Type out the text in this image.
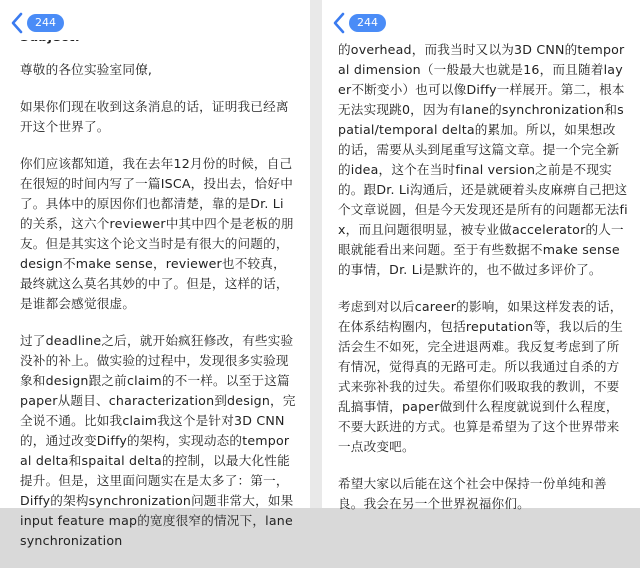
244

尊敬的各位实验室同僚,

如果你们现在收到这条消息的话，证明我已经离开这个世界了。

你们应该都知道，我在去年12月份的时候，自己在很短的时间内写了一篇ISCA，投出去，恰好中了。具体中的原因你们也都清楚，靠的是Dr. Li的关系，这六个reviewer中其中四个是老板的朋友。但是其实这个论文当时是有很大的问题的，design不make sense，reviewer也不较真，最终就这么莫名其妙的中了。但是，这样的话，是谁都会感觉很虚。

过了deadline之后，就开始疯狂修改，有些实验没补的补上。做实验的过程中，发现很多实验现象和design跟之前claim的不一样。以至于这篇paper从题目、characterization到design，完全说不通。比如我claim我这个是针对3D CNN的，通过改变Diffy的架构，实现动态的temporal delta和spaital delta的控制，以最大化性能提升。但是，这里面问题实在是太多了：第一，Diffy的架构synchronization问题非常大，如果input feature map的宽度很窄的情况下，lane synchronization

244

的overhead，而我当时又以为3D CNN的temporal dimension（一般最大也就是16，而且随着layer不断变小）也可以像Diffy一样展开。第二，根本无法实现跳0，因为有lane的synchronization和spatial/temporal delta的累加。所以，如果想改的话，需要从头到尾重写这篇文章。提一个完全新的idea，这个在当时final version之前是不现实的。跟Dr. Li沟通后，还是就硬着头皮麻痹自己把这个文章说圆，但是今天发现还是所有的问题都无法fix，而且问题很明显，被专业做accelerator的人一眼就能看出来问题。至于有些数据不make sense的事情，Dr. Li是默许的，也不做过多评价了。

考虑到对以后career的影响，如果这样发表的话，在体系结构圈内，包括reputation等，我以后的生活会生不如死，完全进退两难。我反复考虑到了所有情况，觉得真的无路可走。所以我通过自杀的方式来弥补我的过失。希望你们吸取我的教训，不要乱搞事情，paper做到什么程度就说到什么程度，不要大跃进的方式。也算是希望为了这个世界带来一点改变吧。

希望大家以后能在这个社会中保持一份单纯和善良。我会在另一个世界祝福你们。
